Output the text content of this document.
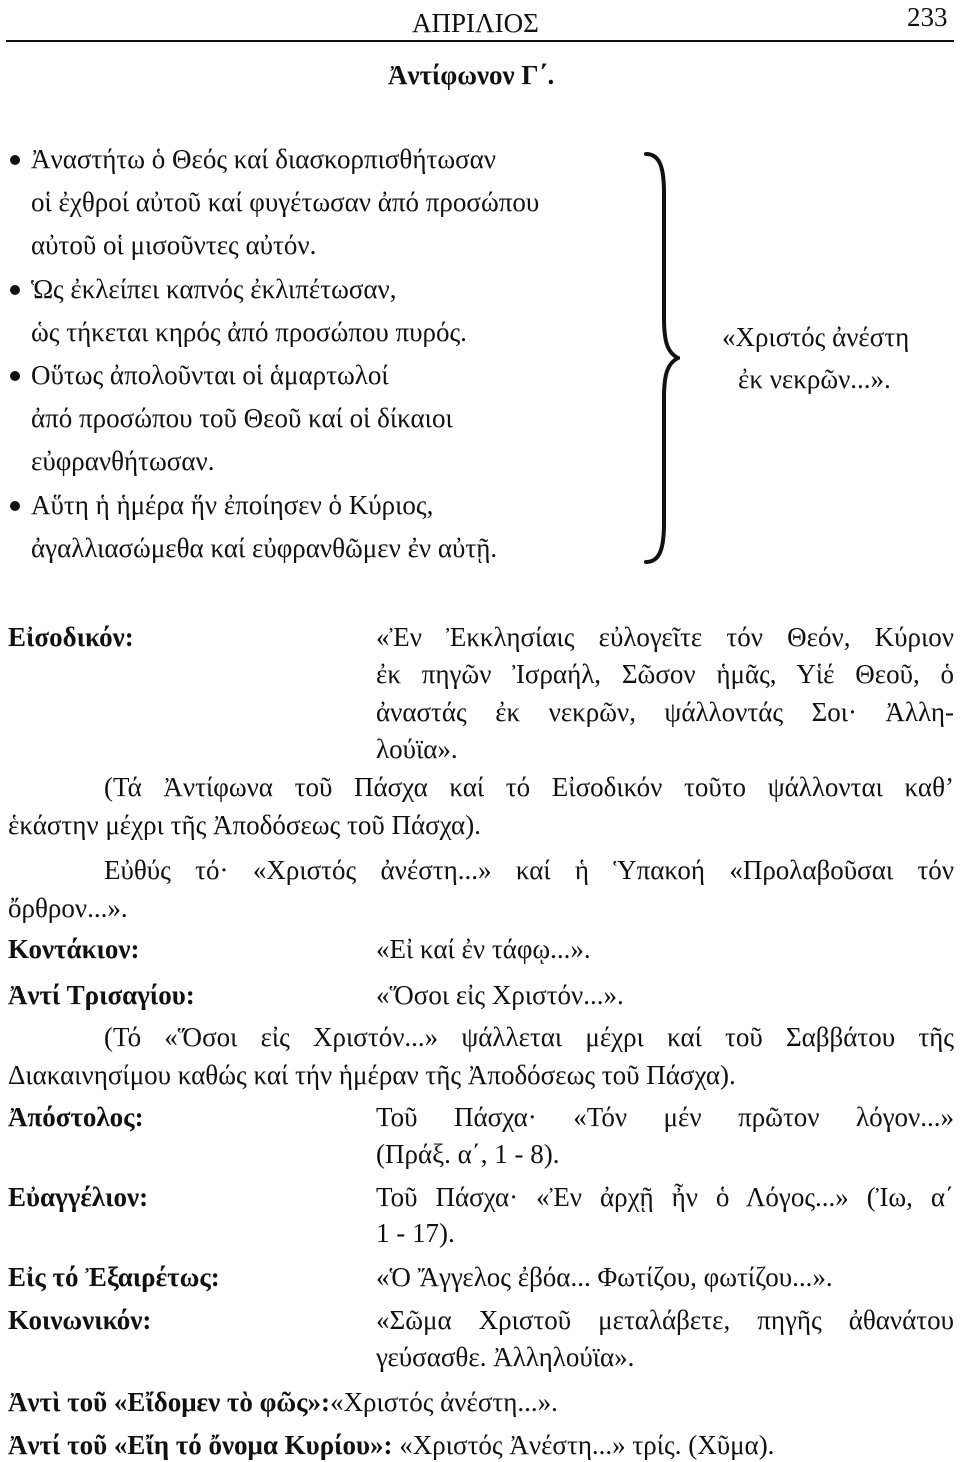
ΑΠΡΙΛΙΟΣ	233
Ἀντίφωνον Γ΄.
Ἀναστήτω ὁ Θεός καί διασκορπισθήτωσαν
οἱ ἐχθροί αὐτοῦ καί φυγέτωσαν ἀπό προσώπου
αὐτοῦ οἱ μισοῦντες αὐτόν.
Ὡς ἐκλείπει καπνός ἐκλιπέτωσαν,
ὡς τήκεται κηρός ἀπό προσώπου πυρός.
Οὕτως ἀπολοῦνται οἱ ἁμαρτωλοί
ἀπό προσώπου τοῦ Θεοῦ καί οἱ δίκαιοι
εὐφρανθήτωσαν.
Αὕτη ἡ ἡμέρα ἥν ἐποίησεν ὁ Κύριος,
ἀγαλλιασώμεθα καί εὐφρανθῶμεν ἐν αὐτῇ.
«Χριστός ἀνέστη
ἐκ νεκρῶν...».
Εἰσοδικόν:	«Ἐν Ἐκκλησίαις εὐλογεῖτε τόν Θεόν, Κύριον
ἐκ πηγῶν Ἰσραήλ, Σῶσον ἡμᾶς, Υἱέ Θεοῦ, ὁ
ἀναστάς ἐκ νεκρῶν, ψάλλοντάς Σοι· Ἀλλη-
λούϊα».
(Τά Ἀντίφωνα τοῦ Πάσχα καί τό Εἰσοδικόν τοῦτο ψάλλονται καθ’
ἑκάστην μέχρι τῆς Ἀποδόσεως τοῦ Πάσχα).
Εὐθύς τό· «Χριστός ἀνέστη...» καί ἡ Ὑπακοή «Προλαβοῦσαι τόν
ὄρθρον...».
Κοντάκιον:	«Εἰ καί ἐν τάφῳ...».
Ἀντί Τρισαγίου:	«Ὅσοι εἰς Χριστόν...».
(Τό «Ὅσοι εἰς Χριστόν...» ψάλλεται μέχρι καί τοῦ Σαββάτου τῆς
Διακαινησίμου καθώς καί τήν ἡμέραν τῆς Ἀποδόσεως τοῦ Πάσχα).
Ἀπόστολος:	Τοῦ Πάσχα· «Τόν μέν πρῶτον λόγον...»
(Πράξ. α΄, 1 - 8).
Εὐαγγέλιον:	Τοῦ Πάσχα· «Ἐν ἀρχῇ ἦν ὁ Λόγος...» (Ἰω, α΄
1 - 17).
Εἰς τό Ἐξαιρέτως:	«Ὁ Ἄγγελος ἐβόα... Φωτίζου, φωτίζου...».
Κοινωνικόν:	«Σῶμα Χριστοῦ μεταλάβετε, πηγῆς ἀθανάτου
γεύσασθε. Ἀλληλούϊα».
Ἀντὶ τοῦ «Εἴδομεν τὸ φῶς»:«Χριστός ἀνέστη...».
Ἀντί τοῦ «Εἴη τό ὄνομα Κυρίου»: «Χριστός Ἀνέστη...» τρίς. (Χῦμα).
